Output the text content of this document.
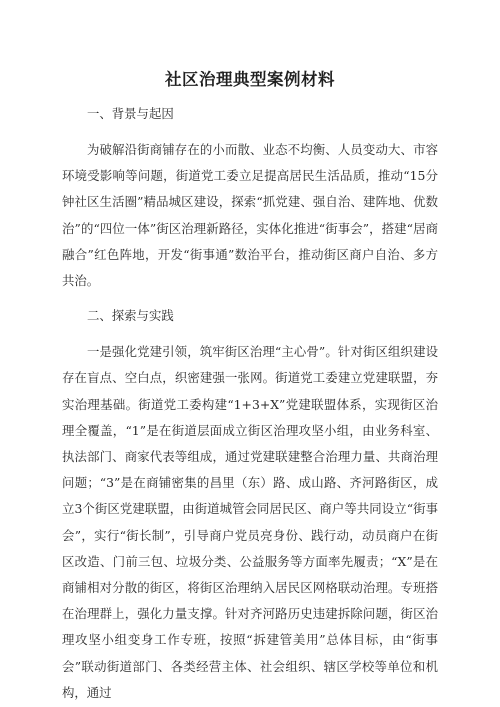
社区治理典型案例材料
一、背景与起因

为破解沿街商铺存在的小而散、业态不均衡、人员变动大、市容环境受影响等问题，街道党工委立足提高居民生活品质，推动“15分钟社区生活圈”精品城区建设，探索“抓党建、强自治、建阵地、优数治”的“四位一体”街区治理新路径，实体化推进“街事会”，搭建“居商融合”红色阵地，开发“街事通”数治平台，推动街区商户自治、多方共治。

二、探索与实践

一是强化党建引领，筑牢街区治理“主心骨”。针对街区组织建设存在盲点、空白点，织密建强一张网。街道党工委建立党建联盟，夯实治理基础。街道党工委构建“1+3+X”党建联盟体系，实现街区治理全覆盖，“1”是在街道层面成立街区治理攻坚小组，由业务科室、执法部门、商家代表等组成，通过党建联建整合治理力量、共商治理问题；“3”是在商铺密集的昌里（东）路、成山路、齐河路街区，成立3个街区党建联盟，由街道城管会同居民区、商户等共同设立“街事会”，实行“街长制”，引导商户党员亮身份、践行动，动员商户在街区改造、门前三包、垃圾分类、公益服务等方面率先履责；“X”是在商铺相对分散的街区，将街区治理纳入居民区网格联动治理。专班搭在治理群上，强化力量支撑。针对齐河路历史违建拆除问题，街区治理攻坚小组变身工作专班，按照“拆建管美用”总体目标，由“街事会”联动街道部门、各类经营主体、社会组织、辖区学校等单位和机构，通过
